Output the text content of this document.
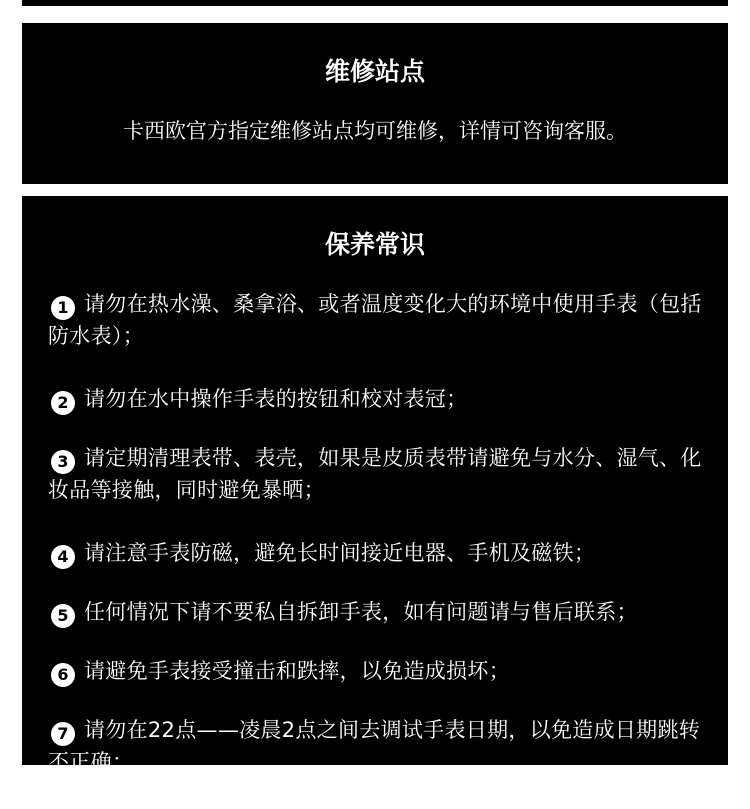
维修站点

卡西欧官方指定维修站点均可维修，详情可咨询客服。

保养常识
1 请勿在热水澡、桑拿浴、或者温度变化大的环境中使用手表（包括防水表）；
2 请勿在水中操作手表的按钮和校对表冠；
3 请定期清理表带、表壳，如果是皮质表带请避免与水分、湿气、化妆品等接触，同时避免暴晒；
4 请注意手表防磁，避免长时间接近电器、手机及磁铁；
5 任何情况下请不要私自拆卸手表，如有问题请与售后联系；
6 请避免手表接受撞击和跌摔，以免造成损坏；
7 请勿在22点——凌晨2点之间去调试手表日期，以免造成日期跳转不正确；
